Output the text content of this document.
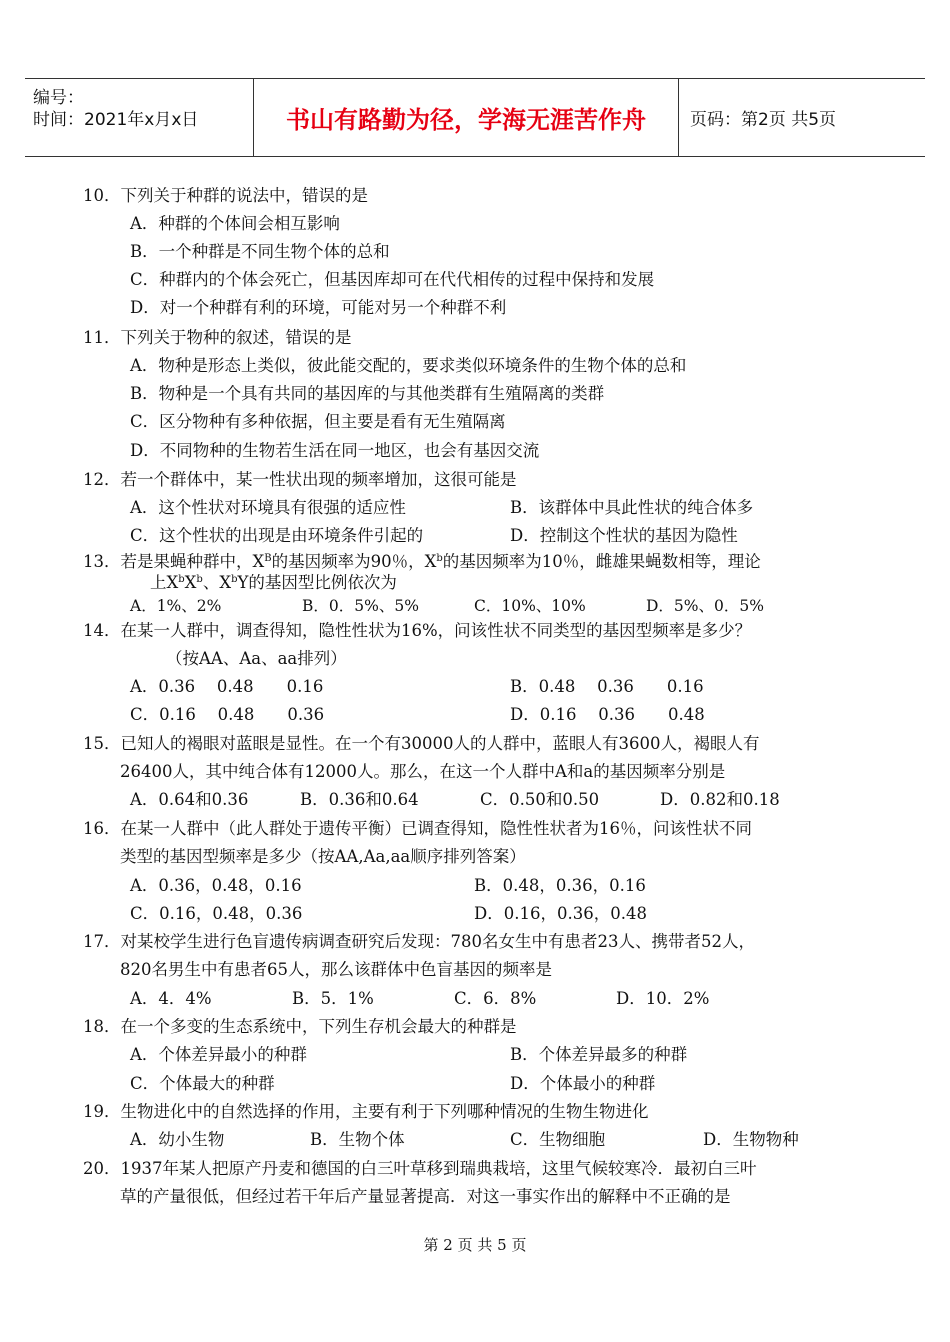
编号：
时间：2021年x月x日	书山有路勤为径，学海无涯苦作舟	页码：第2页 共5页
10．下列关于种群的说法中，错误的是
A．种群的个体间会相互影响
B．一个种群是不同生物个体的总和
C．种群内的个体会死亡，但基因库却可在代代相传的过程中保持和发展
D．对一个种群有利的环境，可能对另一个种群不利
11．下列关于物种的叙述，错误的是
A．物种是形态上类似，彼此能交配的，要求类似环境条件的生物个体的总和
B．物种是一个具有共同的基因库的与其他类群有生殖隔离的类群
C．区分物种有多种依据，但主要是看有无生殖隔离
D．不同物种的生物若生活在同一地区，也会有基因交流
12．若一个群体中，某一性状出现的频率增加，这很可能是
A．这个性状对环境具有很强的适应性	B．该群体中具此性状的纯合体多
C．这个性状的出现是由环境条件引起的	D．控制这个性状的基因为隐性
13．若是果蝇种群中，$X^B$的基因频率为90％，$X^b$的基因频率为10％，雌雄果蝇数相等，理论
上$X^bX^b$、$X^bY$的基因型比例依次为
A．1%、2%	B．0．5%、5%	C．10%、10%	D．5%、0．5%
14．在某一人群中，调查得知，隐性性状为16%，问该性状不同类型的基因型频率是多少？
（按AA、Aa、aa排列）
A．0.36　 0.48　　0.16	B．0.48　 0.36　　0.16
C．0.16　 0.48　　0.36	D．0.16　 0.36　　0.48
15．已知人的褐眼对蓝眼是显性。在一个有30000人的人群中，蓝眼人有3600人，褐眼人有
26400人，其中纯合体有12000人。那么，在这一个人群中A和a的基因频率分别是
A．0.64和0.36	B．0.36和0.64	C．0.50和0.50	D．0.82和0.18
16．在某一人群中（此人群处于遗传平衡）已调查得知，隐性性状者为16％，问该性状不同
类型的基因型频率是多少（按AA,Aa,aa顺序排列答案）
A．0.36，0.48，0.16	B．0.48，0.36，0.16
C．0.16，0.48，0.36	D．0.16，0.36，0.48
17．对某校学生进行色盲遗传病调查研究后发现：780名女生中有患者23人、携带者52人，
820名男生中有患者65人，那么该群体中色盲基因的频率是
A．4．4%	B．5．1%	C．6．8%	D．10．2%
18．在一个多变的生态系统中，下列生存机会最大的种群是
A．个体差异最小的种群	B．个体差异最多的种群
C．个体最大的种群	D．个体最小的种群
19．生物进化中的自然选择的作用，主要有利于下列哪种情况的生物生物进化
A．幼小生物	B．生物个体	C．生物细胞	D．生物物种
20．1937年某人把原产丹麦和德国的白三叶草移到瑞典栽培，这里气候较寒冷．最初白三叶
草的产量很低，但经过若干年后产量显著提高．对这一事实作出的解释中不正确的是
第 2 页 共 5 页
